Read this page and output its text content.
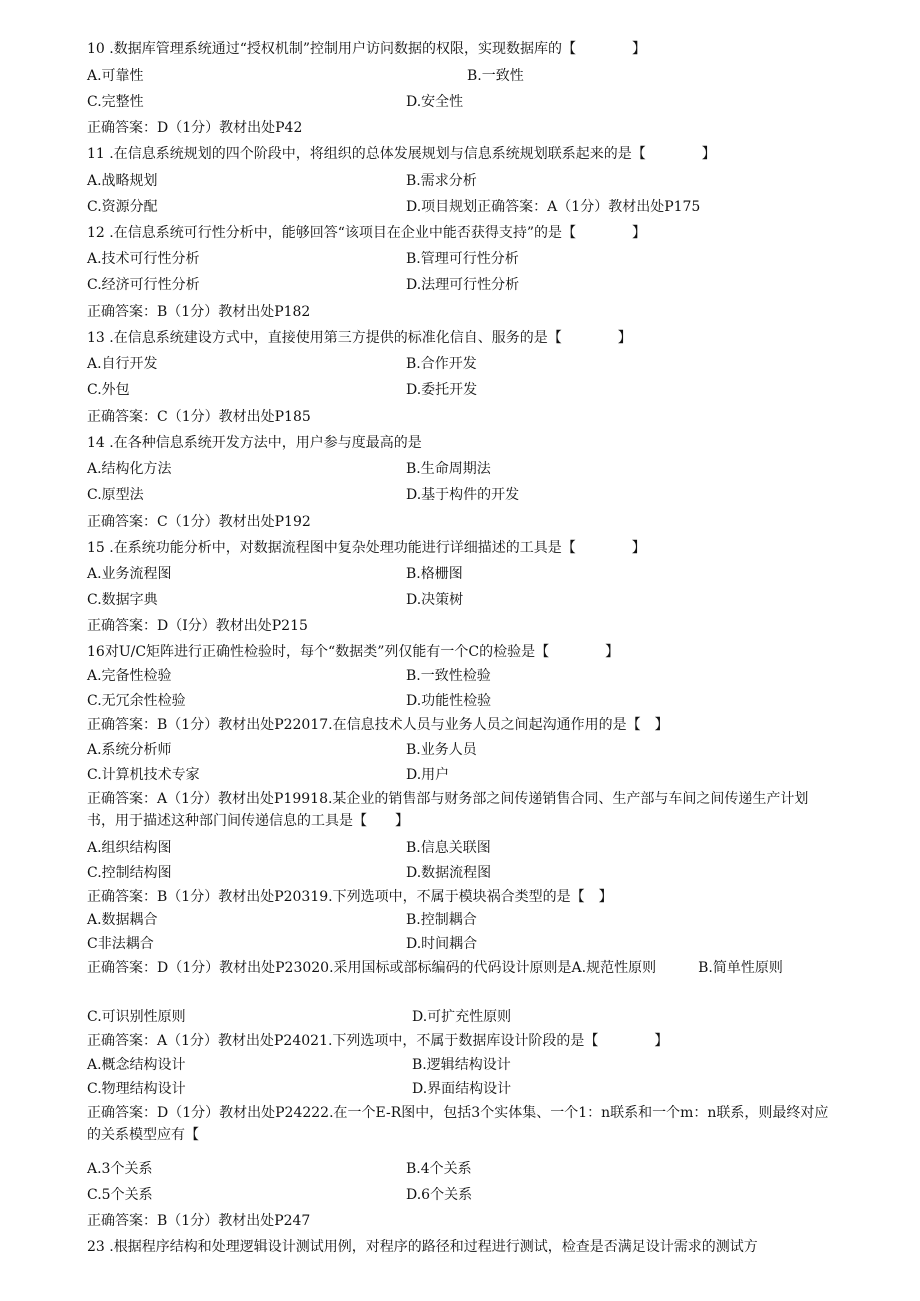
10 .数据库管理系统通过“授权机制”控制用户访问数据的权限，实现数据库的【　　　　】
A.可靠性	B.一致性
C.完整性	D.安全性
正确答案：D（1分）教材出处P42
11 .在信息系统规划的四个阶段中，将组织的总体发展规划与信息系统规划联系起来的是【　　　　】
A.战略规划	B.需求分析
C.资源分配	D.项目规划正确答案：A（1分）教材出处P175
12 .在信息系统可行性分析中，能够回答“该项目在企业中能否获得支持”的是【　　　　】
A.技术可行性分析	B.管理可行性分析
C.经济可行性分析	D.法理可行性分析
正确答案：B（1分）教材出处P182
13 .在信息系统建设方式中，直接使用第三方提供的标准化信自、服务的是【　　　　】
A.自行开发	B.合作开发
C.外包	D.委托开发
正确答案：C（1分）教材出处P185
14 .在各种信息系统开发方法中，用户参与度最高的是
A.结构化方法	B.生命周期法
C.原型法	D.基于构件的开发
正确答案：C（1分）教材出处P192
15 .在系统功能分析中，对数据流程图中复杂处理功能进行详细描述的工具是【　　　　】
A.业务流程图	B.格栅图
C.数据字典	D.决策树
正确答案：D（I分）教材出处P215
16对U/C矩阵进行正确性检验时，每个“数据类”列仅能有一个C的检验是【　　　　】
A.完备性检验	B.一致性检验
C.无冗余性检验	D.功能性检验
正确答案：B（1分）教材出处P22017.在信息技术人员与业务人员之间起沟通作用的是【　】
A.系统分析师	B.业务人员
C.计算机技术专家	D.用户
正确答案：A（1分）教材出处P19918.某企业的销售部与财务部之间传递销售合同、生产部与车间之间传递生产计划书，用于描述这种部门间传递信息的工具是【　　】
A.组织结构图	B.信息关联图
C.控制结构图	D.数据流程图
正确答案：B（1分）教材出处P20319.下列选项中，不属于模块祸合类型的是【　】
A.数据耦合	B.控制耦合
C非法耦合	D.时间耦合
正确答案：D（1分）教材出处P23020.采用国标或部标编码的代码设计原则是A.规范性原则　　　B.简单性原则
C.可识别性原则	D.可扩充性原则
正确答案：A（1分）教材出处P24021.下列选项中，不属于数据库设计阶段的是【　　　　】
A.概念结构设计	B.逻辑结构设计
C.物理结构设计	D.界面结构设计
正确答案：D（1分）教材出处P24222.在一个E-R图中，包括3个实体集、一个1：n联系和一个m：n联系，则最终对应的关系模型应有【
A.3个关系	B.4个关系
C.5个关系	D.6个关系
正确答案：B（1分）教材出处P247
23 .根据程序结构和处理逻辑设计测试用例，对程序的路径和过程进行测试，检查是否满足设计需求的测试方
